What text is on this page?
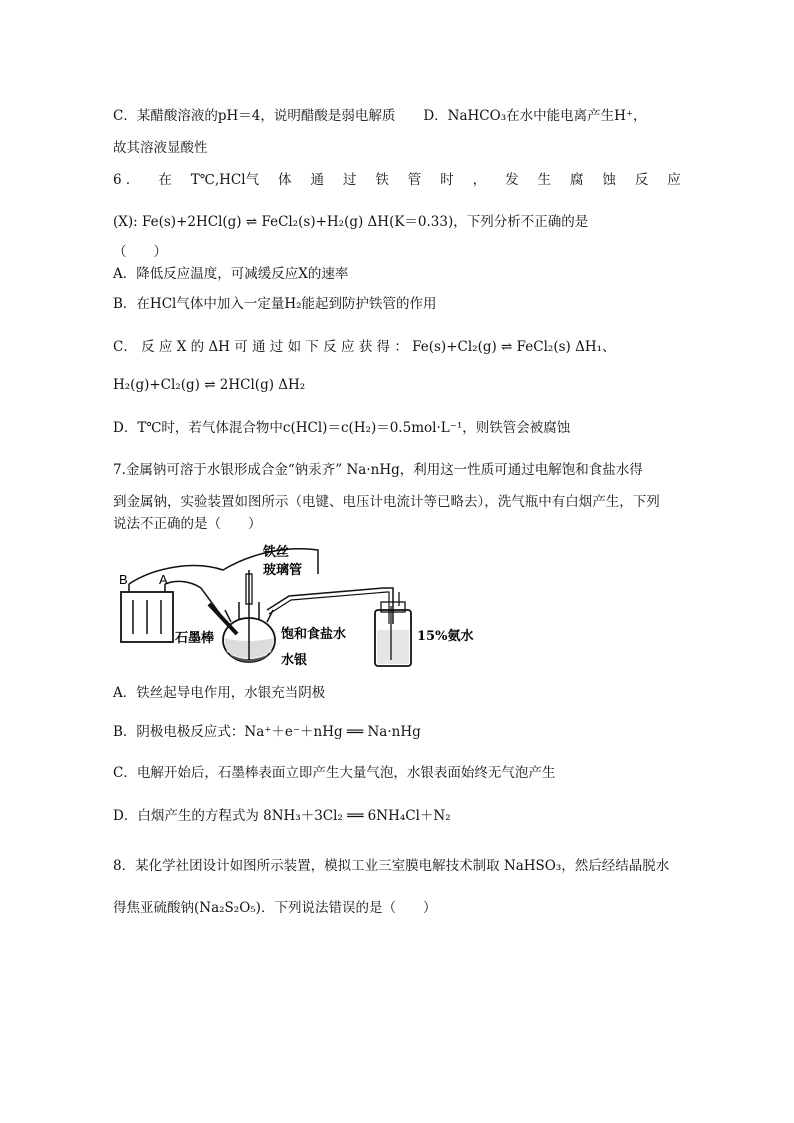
C．某醋酸溶液的pH＝4，说明醋酸是弱电解质 D．NaHCO₃在水中能电离产生H⁺，
故其溶液显酸性
6 ． 在 T℃,HCl气 体 通 过 铁 管 时 ， 发 生 腐 蚀 反 应
(X): Fe(s)+2HCl(g) ⇌ FeCl₂(s)+H₂(g) ΔH(K＝0.33)，下列分析不正确的是
（　　）
A．降低反应温度，可减缓反应X的速率
B．在HCl气体中加入一定量H₂能起到防护铁管的作用
C． 反 应 X 的 ΔH 可 通 过 如 下 反 应 获 得 ： Fe(s)+Cl₂(g) ⇌ FeCl₂(s) ΔH₁、
H₂(g)+Cl₂(g) ⇌ 2HCl(g) ΔH₂
D．T℃时，若气体混合物中c(HCl)＝c(H₂)＝0.5mol·L⁻¹，则铁管会被腐蚀
7.金属钠可溶于水银形成合金“钠汞齐” Na·nHg，利用这一性质可通过电解饱和食盐水得
到金属钠，实验装置如图所示（电键、电压计电流计等已略去），洗气瓶中有白烟产生，下列
说法不正确的是（　　）
B A
铁丝
玻璃管
石墨棒	饱和食盐水
水银
15%氨水
A．铁丝起导电作用，水银充当阴极
B．阴极电极反应式：Na⁺＋e⁻＋nHg ══ Na·nHg
C．电解开始后，石墨棒表面立即产生大量气泡，水银表面始终无气泡产生
D．白烟产生的方程式为 8NH₃＋3Cl₂ ══ 6NH₄Cl＋N₂
8．某化学社团设计如图所示装置，模拟工业三室膜电解技术制取 NaHSO₃，然后经结晶脱水
得焦亚硫酸钠(Na₂S₂O₅)．下列说法错误的是（　　）
